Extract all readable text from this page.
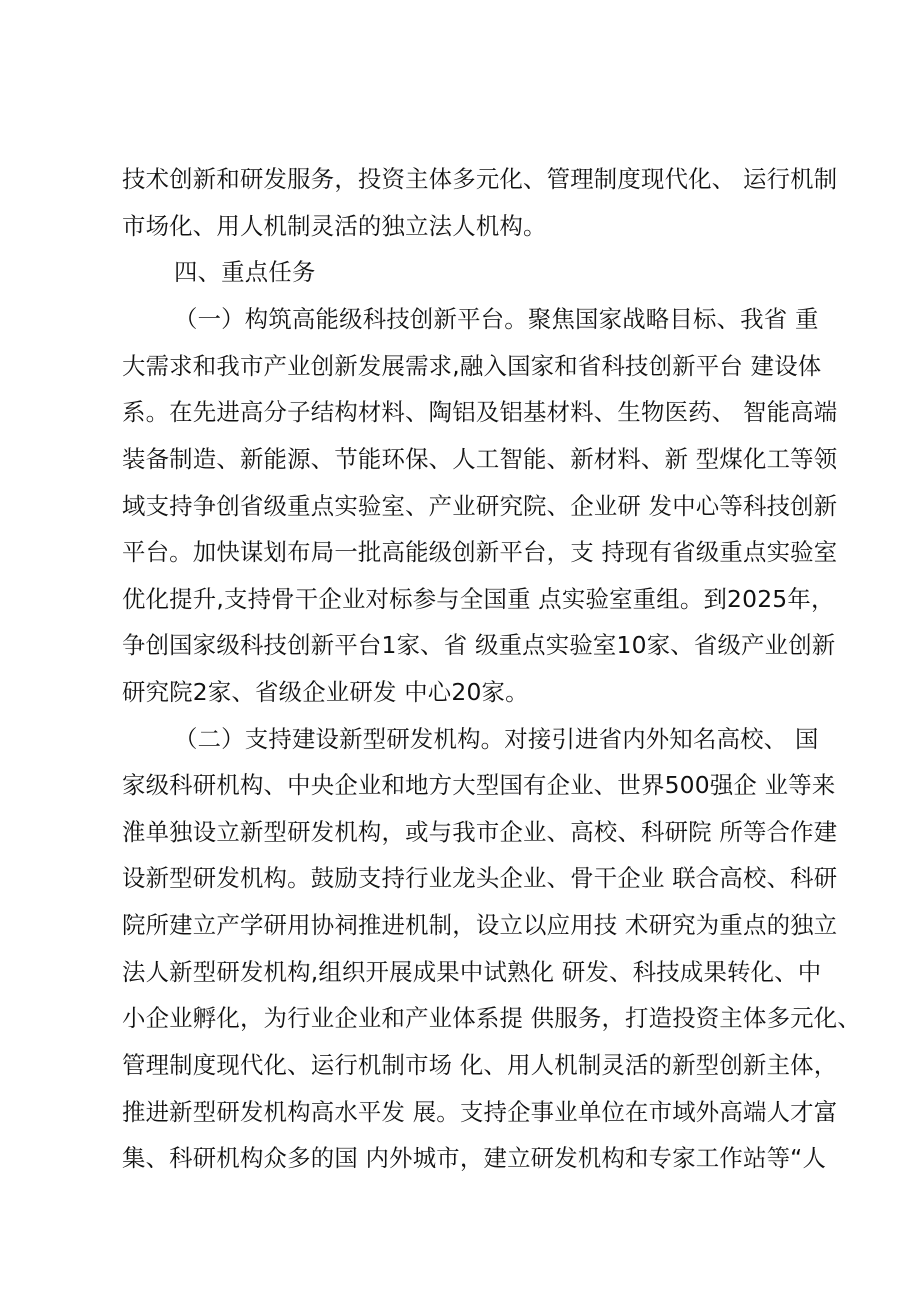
技术创新和研发服务，投资主体多元化、管理制度现代化、 运行机制
市场化、用人机制灵活的独立法人机构。
四、重点任务
（一）构筑高能级科技创新平台。聚焦国家战略目标、我省 重
大需求和我市产业创新发展需求,融入国家和省科技创新平台 建设体
系。在先进高分子结构材料、陶铝及铝基材料、生物医药、 智能高端
装备制造、新能源、节能环保、人工智能、新材料、新 型煤化工等领
域支持争创省级重点实验室、产业研究院、企业研 发中心等科技创新
平台。加快谋划布局一批高能级创新平台，支 持现有省级重点实验室
优化提升,支持骨干企业对标参与全国重 点实验室重组。到2025年，
争创国家级科技创新平台1家、省 级重点实验室10家、省级产业创新
研究院2家、省级企业研发 中心20家。
（二）支持建设新型研发机构。对接引进省内外知名高校、 国
家级科研机构、中央企业和地方大型国有企业、世界500强企 业等来
淮单独设立新型研发机构，或与我市企业、高校、科研院 所等合作建
设新型研发机构。鼓励支持行业龙头企业、骨干企业 联合高校、科研
院所建立产学研用协祠推进机制，设立以应用技 术研究为重点的独立
法人新型研发机构,组织开展成果中试熟化 研发、科技成果转化、中
小企业孵化，为行业企业和产业体系提 供服务，打造投资主体多元化、
管理制度现代化、运行机制市场 化、用人机制灵活的新型创新主体，
推进新型研发机构高水平发 展。支持企事业单位在市域外高端人才富
集、科研机构众多的国 内外城市，建立研发机构和专家工作站等“人
